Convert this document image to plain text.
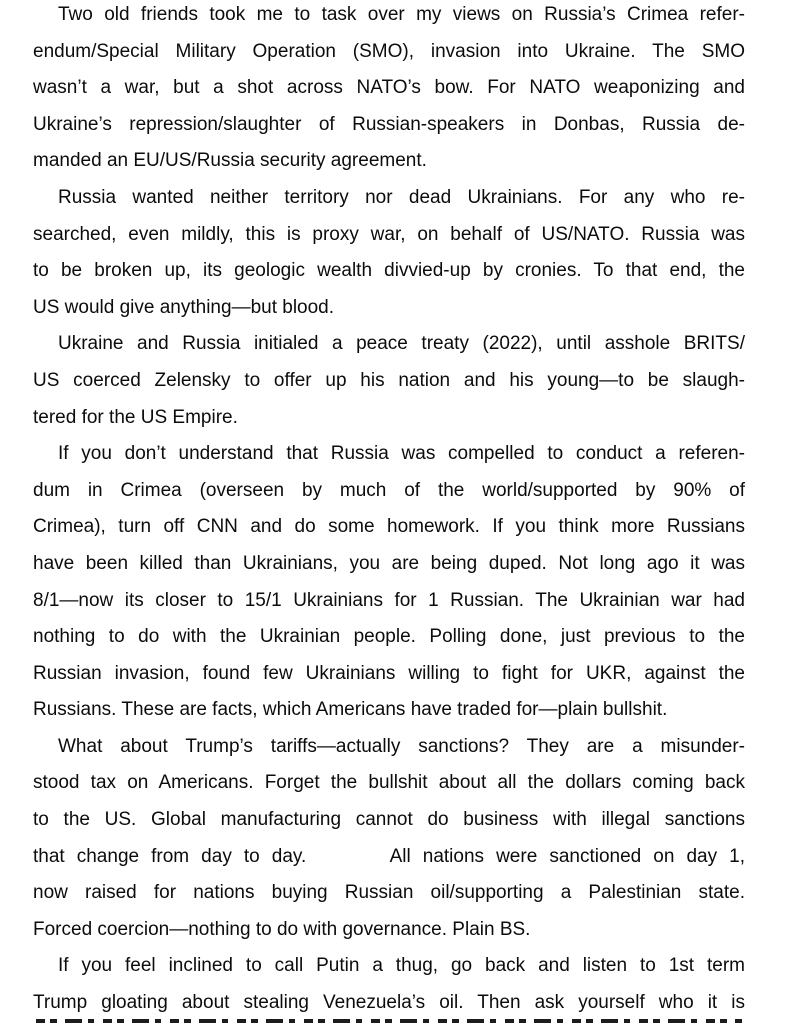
Two old friends took me to task over my views on Russia’s Crimea refer-
endum/Special Military Operation (SMO), invasion into Ukraine. The SMO
wasn’t a war, but a shot across NATO’s bow. For NATO weaponizing and
Ukraine’s repression/slaughter of Russian-speakers in Donbas, Russia de-
manded an EU/US/Russia security agreement.
Russia wanted neither territory nor dead Ukrainians. For any who re-
searched, even mildly, this is proxy war, on behalf of US/NATO. Russia was
to be broken up, its geologic wealth divvied-up by cronies. To that end, the
US would give anything—but blood.
Ukraine and Russia initialed a peace treaty (2022), until asshole BRITS/
US coerced Zelensky to offer up his nation and his young—to be slaugh-
tered for the US Empire.
If you don’t understand that Russia was compelled to conduct a referen-
dum in Crimea (overseen by much of the world/supported by 90% of
Crimea), turn off CNN and do some homework. If you think more Russians
have been killed than Ukrainians, you are being duped. Not long ago it was
8/1—now its closer to 15/1 Ukrainians for 1 Russian. The Ukrainian war had
nothing to do with the Ukrainian people. Polling done, just previous to the
Russian invasion, found few Ukrainians willing to fight for UKR, against the
Russians. These are facts, which Americans have traded for—plain bullshit.
What about Trump’s tariffs—actually sanctions? They are a misunder-
stood tax on Americans. Forget the bullshit about all the dollars coming back
to the US. Global manufacturing cannot do business with illegal sanctions
that change from day to day.       All nations were sanctioned on day 1,
now raised for nations buying Russian oil/supporting a Palestinian state.
Forced coercion—nothing to do with governance. Plain BS.
If you feel inclined to call Putin a thug, go back and listen to 1st term
Trump gloating about stealing Venezuela’s oil. Then ask yourself who it is
